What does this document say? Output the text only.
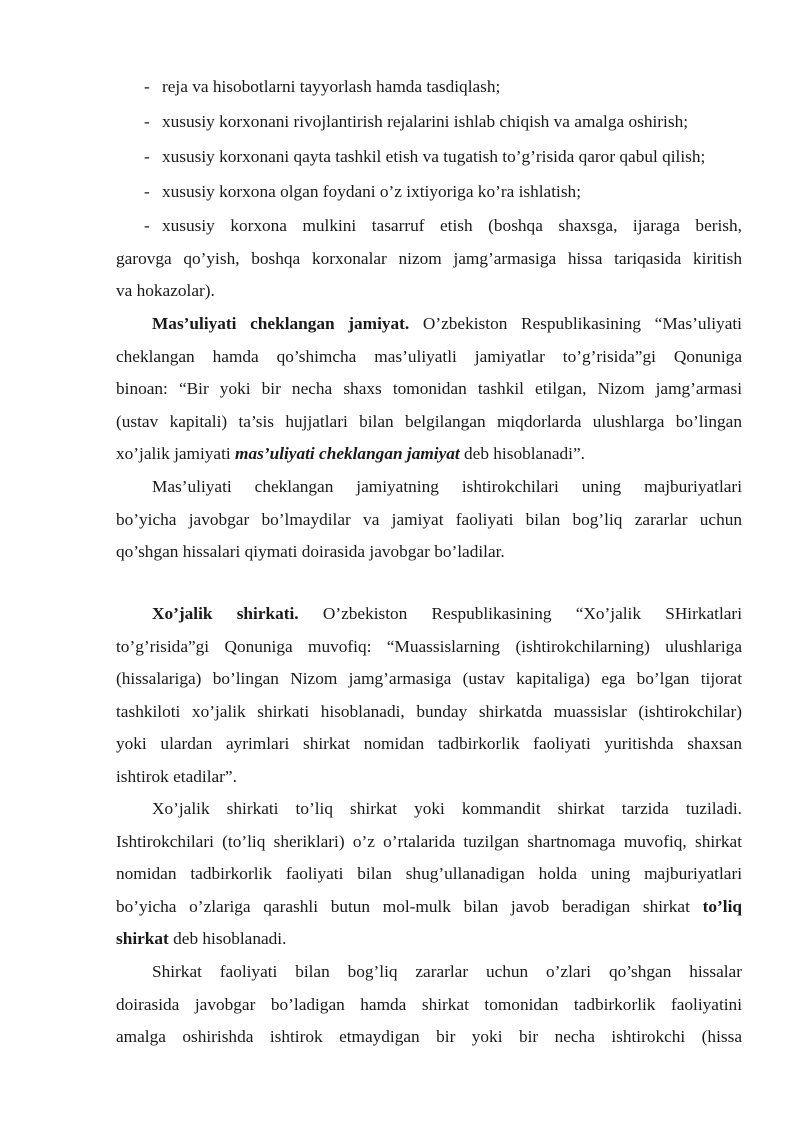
- reja va hisobotlarni tayyorlash hamda tasdiqlash;
- xususiy korxonani rivojlantirish rejalarini ishlab chiqish va amalga oshirish;
- xususiy korxonani qayta tashkil etish va tugatish to’g’risida qaror qabul qilish;
- xususiy korxona olgan foydani o’z ixtiyoriga ko’ra ishlatish;
- xususiy korxona mulkini tasarruf etish (boshqa shaxsga, ijaraga berish,
garovga qo’yish, boshqa korxonalar nizom jamg’armasiga hissa tariqasida kiritish
va hokazolar).
Mas’uliyati cheklangan jamiyat. O’zbekiston Respublikasining “Mas’uliyati
cheklangan hamda qo’shimcha mas’uliyatli jamiyatlar to’g’risida”gi Qonuniga
binoan: “Bir yoki bir necha shaxs tomonidan tashkil etilgan, Nizom jamg’armasi
(ustav kapitali) ta’sis hujjatlari bilan belgilangan miqdorlarda ulushlarga bo’lingan
xo’jalik jamiyati mas’uliyati cheklangan jamiyat deb hisoblanadi”.
Mas’uliyati cheklangan jamiyatning ishtirokchilari uning majburiyatlari
bo’yicha javobgar bo’lmaydilar va jamiyat faoliyati bilan bog’liq zararlar uchun
qo’shgan hissalari qiymati doirasida javobgar bo’ladilar.
Xo’jalik shirkati. O’zbekiston Respublikasining “Xo’jalik SHirkatlari
to’g’risida”gi Qonuniga muvofiq: “Muassislarning (ishtirokchilarning) ulushlariga
(hissalariga) bo’lingan Nizom jamg’armasiga (ustav kapitaliga) ega bo’lgan tijorat
tashkiloti xo’jalik shirkati hisoblanadi, bunday shirkatda muassislar (ishtirokchilar)
yoki ulardan ayrimlari shirkat nomidan tadbirkorlik faoliyati yuritishda shaxsan
ishtirok etadilar”.
Xo’jalik shirkati to’liq shirkat yoki kommandit shirkat tarzida tuziladi.
Ishtirokchilari (to’liq sheriklari) o’z o’rtalarida tuzilgan shartnomaga muvofiq, shirkat
nomidan tadbirkorlik faoliyati bilan shug’ullanadigan holda uning majburiyatlari
bo’yicha o’zlariga qarashli butun mol-mulk bilan javob beradigan shirkat to’liq
shirkat deb hisoblanadi.
Shirkat faoliyati bilan bog’liq zararlar uchun o’zlari qo’shgan hissalar
doirasida javobgar bo’ladigan hamda shirkat tomonidan tadbirkorlik faoliyatini
amalga oshirishda ishtirok etmaydigan bir yoki bir necha ishtirokchi (hissa
